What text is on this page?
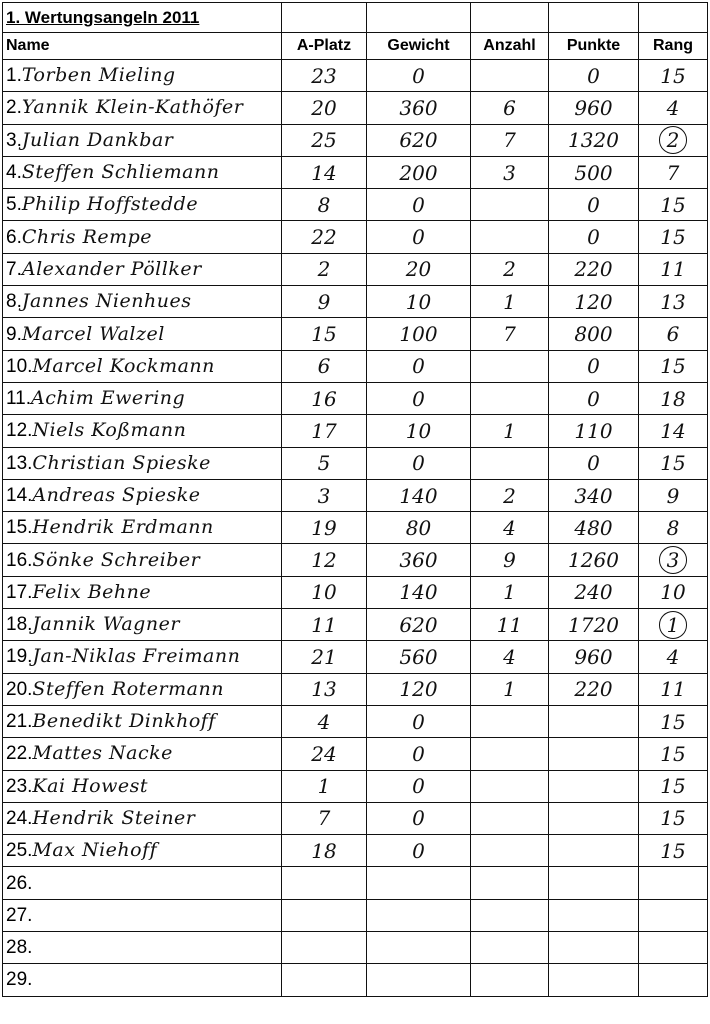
1. Wertungsangeln 2011					
Name	A-Platz	Gewicht	Anzahl	Punkte	Rang
1.Torben Mieling	23	0		0	15
2.Yannik Klein-Kathöfer	20	360	6	960	4
3.Julian Dankbar	25	620	7	1320	2
4.Steffen Schliemann	14	200	3	500	7
5.Philip Hoffstedde	8	0		0	15
6.Chris Rempe	22	0		0	15
7.Alexander Pöllker	2	20	2	220	11
8.Jannes Nienhues	9	10	1	120	13
9.Marcel Walzel	15	100	7	800	6
10.Marcel Kockmann	6	0		0	15
11.Achim Ewering	16	0		0	18
12.Niels Koßmann	17	10	1	110	14
13.Christian Spieske	5	0		0	15
14.Andreas Spieske	3	140	2	340	9
15.Hendrik Erdmann	19	80	4	480	8
16.Sönke Schreiber	12	360	9	1260	3
17.Felix Behne	10	140	1	240	10
18.Jannik Wagner	11	620	11	1720	1
19.Jan-Niklas Freimann	21	560	4	960	4
20.Steffen Rotermann	13	120	1	220	11
21.Benedikt Dinkhoff	4	0			15
22.Mattes Nacke	24	0			15
23.Kai Howest	1	0			15
24.Hendrik Steiner	7	0			15
25.Max Niehoff	18	0			15
26.					
27.					
28.					
29.					
